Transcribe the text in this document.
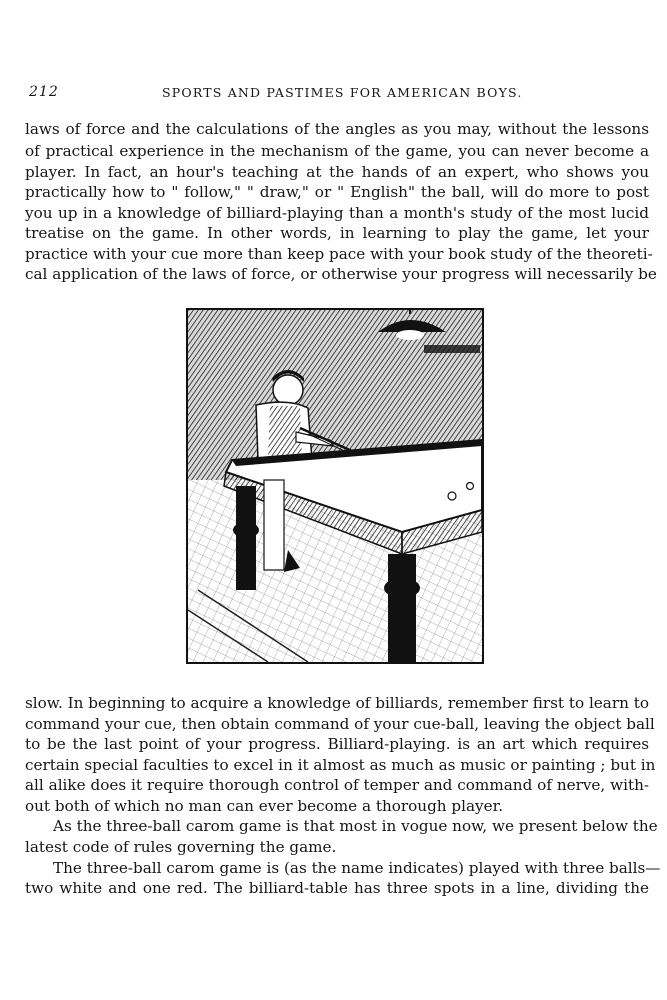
212	SPORTS AND PASTIMES FOR AMERICAN BOYS.
laws of force and the calculations of the angles as you may, without the lessons
of practical experience in the mechanism of the game, you can never become a
player. In fact, an hour's teaching at the hands of an expert, who shows you
practically how to " follow," " draw," or " English" the ball, will do more to post
you up in a knowledge of billiard-playing than a month's study of the most lucid
treatise on the game. In other words, in learning to play the game, let your
practice with your cue more than keep pace with your book study of the theoreti-
cal application of the laws of force, or otherwise your progress will necessarily be
slow. In beginning to acquire a knowledge of billiards, remember first to learn to
command your cue, then obtain command of your cue-ball, leaving the object ball
to be the last point of your progress. Billiard-playing. is an art which requires
certain special faculties to excel in it almost as much as music or painting ; but in
all alike does it require thorough control of temper and command of nerve, with-
out both of which no man can ever become a thorough player.
As the three-ball carom game is that most in vogue now, we present below the
latest code of rules governing the game.
The three-ball carom game is (as the name indicates) played with three balls—
two white and one red. The billiard-table has three spots in a line, dividing the
